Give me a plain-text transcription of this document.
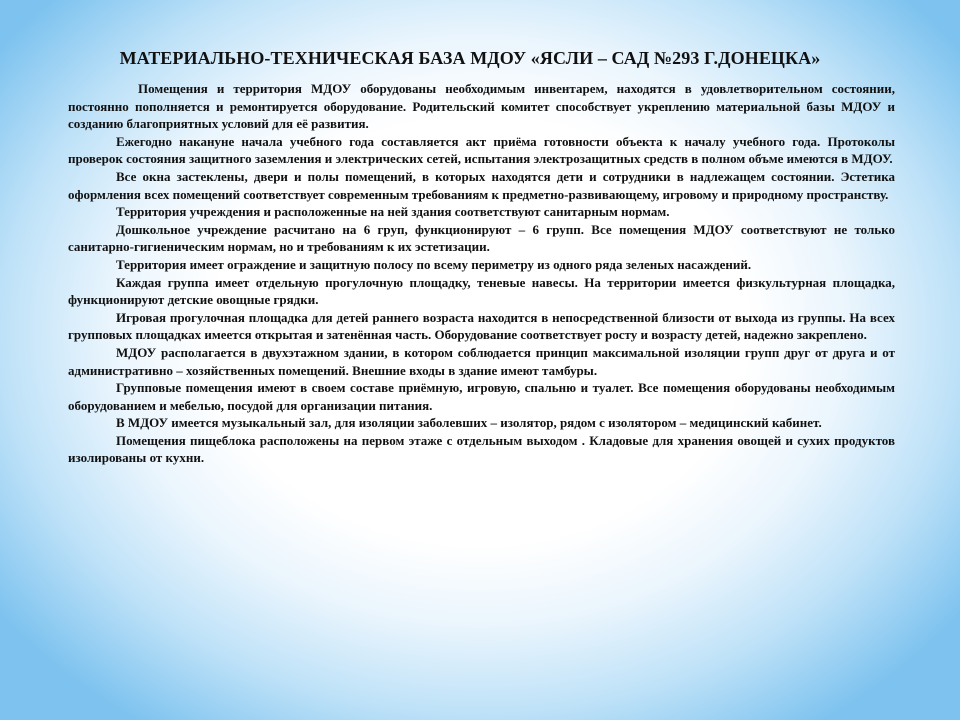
МАТЕРИАЛЬНО-ТЕХНИЧЕСКАЯ БАЗА МДОУ «ЯСЛИ – САД №293 Г.ДОНЕЦКА»

Помещения и территория МДОУ оборудованы необходимым инвентарем, находятся в удовлетворительном состоянии, постоянно пополняется и ремонтируется оборудование. Родительский комитет способствует укреплению материальной базы МДОУ и созданию благоприятных условий для её развития.

Ежегодно накануне начала учебного года составляется акт приёма готовности объекта к началу учебного года. Протоколы проверок состояния защитного заземления и электрических сетей, испытания электрозащитных средств в полном объме имеются в МДОУ.

Все окна застеклены, двери и полы помещений, в которых находятся дети и сотрудники в надлежащем состоянии. Эстетика оформления всех помещений соответствует современным требованиям к предметно-развивающему, игровому и природному пространству.

Территория учреждения и расположенные на ней здания соответствуют санитарным нормам.

Дошкольное учреждение расчитано на 6 груп, функционируют – 6 групп. Все помещения МДОУ соответствуют не только санитарно-гигиеническим нормам, но и требованиям к их эстетизации.

Территория имеет ограждение и защитную полосу по всему периметру из одного ряда зеленых насаждений.

Каждая группа имеет отдельную прогулочную площадку, теневые навесы. На территории имеется физкультурная площадка, функционируют детские овощные грядки.

Игровая прогулочная площадка для детей раннего возраста находится в непосредственной близости от выхода из группы. На всех групповых площадках имеется открытая и затенённая часть. Оборудование соответствует росту и возрасту детей, надежно закреплено.

МДОУ располагается в двухэтажном здании, в котором соблюдается принцип максимальной изоляции групп друг от друга и от административно – хозяйственных помещений. Внешние входы в здание имеют тамбуры.

Групповые помещения имеют в своем составе приёмную, игровую, спальню и туалет. Все помещения оборудованы необходимым оборудованием и мебелью, посудой для организации питания.

В МДОУ имеется музыкальный зал, для изоляции заболевших – изолятор, рядом с изолятором – медицинский кабинет.

Помещения пищеблока расположены на первом этаже с отдельным выходом . Кладовые для хранения овощей и сухих продуктов изолированы от кухни.
